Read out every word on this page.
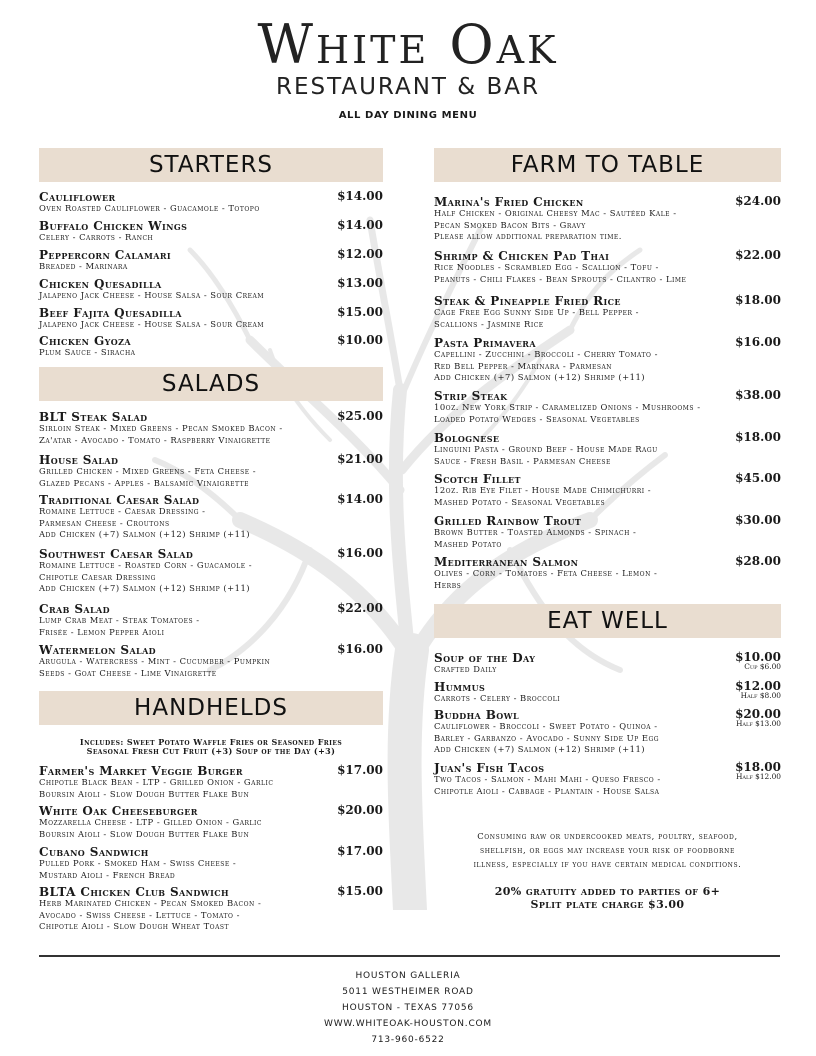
White Oak
RESTAURANT & BAR
ALL DAY DINING MENU
STARTERS
Cauliflower	$14.00
Oven Roasted Cauliflower - Guacamole - Totopo
Buffalo Chicken Wings	$14.00
Celery - Carrots - Ranch
Peppercorn Calamari	$12.00
Breaded - Marinara
Chicken Quesadilla	$13.00
Jalapeno Jack Cheese - House Salsa - Sour Cream
Beef Fajita Quesadilla	$15.00
Jalapeno Jack Cheese - House Salsa - Sour Cream
Chicken Gyoza	$10.00
Plum Sauce - Siracha
SALADS
BLT Steak Salad	$25.00
Sirloin Steak - Mixed Greens - Pecan Smoked Bacon -
Za'atar - Avocado - Tomato - Raspberry Vinaigrette
House Salad	$21.00
Grilled Chicken - Mixed Greens - Feta Cheese -
Glazed Pecans - Apples - Balsamic Vinaigrette
Traditional Caesar Salad	$14.00
Romaine Lettuce - Caesar Dressing -
Parmesan Cheese - Croutons
Add Chicken (+7) Salmon (+12) Shrimp (+11)
Southwest Caesar Salad	$16.00
Romaine Lettuce - Roasted Corn - Guacamole -
Chipotle Caesar Dressing
Add Chicken (+7) Salmon (+12) Shrimp (+11)
Crab Salad	$22.00
Lump Crab Meat - Steak Tomatoes -
Frisée - Lemon Pepper Aioli
Watermelon Salad	$16.00
Arugula - Watercress - Mint - Cucumber - Pumpkin
Seeds - Goat Cheese - Lime Vinaigrette
HANDHELDS
Includes: Sweet Potato Waffle Fries or Seasoned Fries
Seasonal Fresh Cut Fruit (+3) Soup of the Day (+3)
Farmer's Market Veggie Burger	$17.00
Chipotle Black Bean - LTP - Grilled Onion - Garlic
Boursin Aioli - Slow Dough Butter Flake Bun
White Oak Cheeseburger	$20.00
Mozzarella Cheese - LTP - Gilled Onion - Garlic
Boursin Aioli - Slow Dough Butter Flake Bun
Cubano Sandwich	$17.00
Pulled Pork - Smoked Ham - Swiss Cheese -
Mustard Aioli - French Bread
BLTA Chicken Club Sandwich	$15.00
Herb Marinated Chicken - Pecan Smoked Bacon -
Avocado - Swiss Cheese - Lettuce - Tomato -
Chipotle Aioli - Slow Dough Wheat Toast
FARM TO TABLE
Marina's Fried Chicken	$24.00
Half Chicken - Original Cheesy Mac - Sautéed Kale -
Pecan Smoked Bacon Bits - Gravy
Please allow additional preparation time.
Shrimp & Chicken Pad Thai	$22.00
Rice Noodles - Scrambled Egg - Scallion - Tofu -
Peanuts - Chili Flakes - Bean Sprouts - Cilantro - Lime
Steak & Pineapple Fried Rice	$18.00
Cage Free Egg Sunny Side Up - Bell Pepper -
Scallions - Jasmine Rice
Pasta Primavera	$16.00
Capellini - Zucchini - Broccoli - Cherry Tomato -
Red Bell Pepper - Marinara - Parmesan
Add Chicken (+7) Salmon (+12) Shrimp (+11)
Strip Steak	$38.00
10oz. New York Strip - Caramelized Onions - Mushrooms -
Loaded Potato Wedges - Seasonal Vegetables
Bolognese	$18.00
Linguini Pasta - Ground Beef - House Made Ragu
Sauce - Fresh Basil - Parmesan Cheese
Scotch Fillet	$45.00
12oz. Rib Eye Filet - House Made Chimichurri -
Mashed Potato - Seasonal Vegetables
Grilled Rainbow Trout	$30.00
Brown Butter - Toasted Almonds - Spinach -
Mashed Potato
Mediterranean Salmon	$28.00
Olives - Corn - Tomatoes - Feta Cheese - Lemon -
Herbs
EAT WELL
Soup of the Day	$10.00
Cup $6.00
Crafted Daily
Hummus	$12.00
Half $8.00
Carrots - Celery - Broccoli
Buddha Bowl	$20.00
Half $13.00
Cauliflower - Broccoli - Sweet Potato - Quinoa -
Barley - Garbanzo - Avocado - Sunny Side Up Egg
Add Chicken (+7) Salmon (+12) Shrimp (+11)
Juan's Fish Tacos	$18.00
Half $12.00
Two Tacos - Salmon - Mahi Mahi - Queso Fresco -
Chipotle Aioli - Cabbage - Plantain - House Salsa
Consuming raw or undercooked meats, poultry, seafood,
shellfish, or eggs may increase your risk of foodborne
illness, especially if you have certain medical conditions.
20% gratuity added to parties of 6+
Split plate charge $3.00
HOUSTON GALLERIA
5011 WESTHEIMER ROAD
HOUSTON - TEXAS 77056
WWW.WHITEOAK-HOUSTON.COM
713-960-6522
